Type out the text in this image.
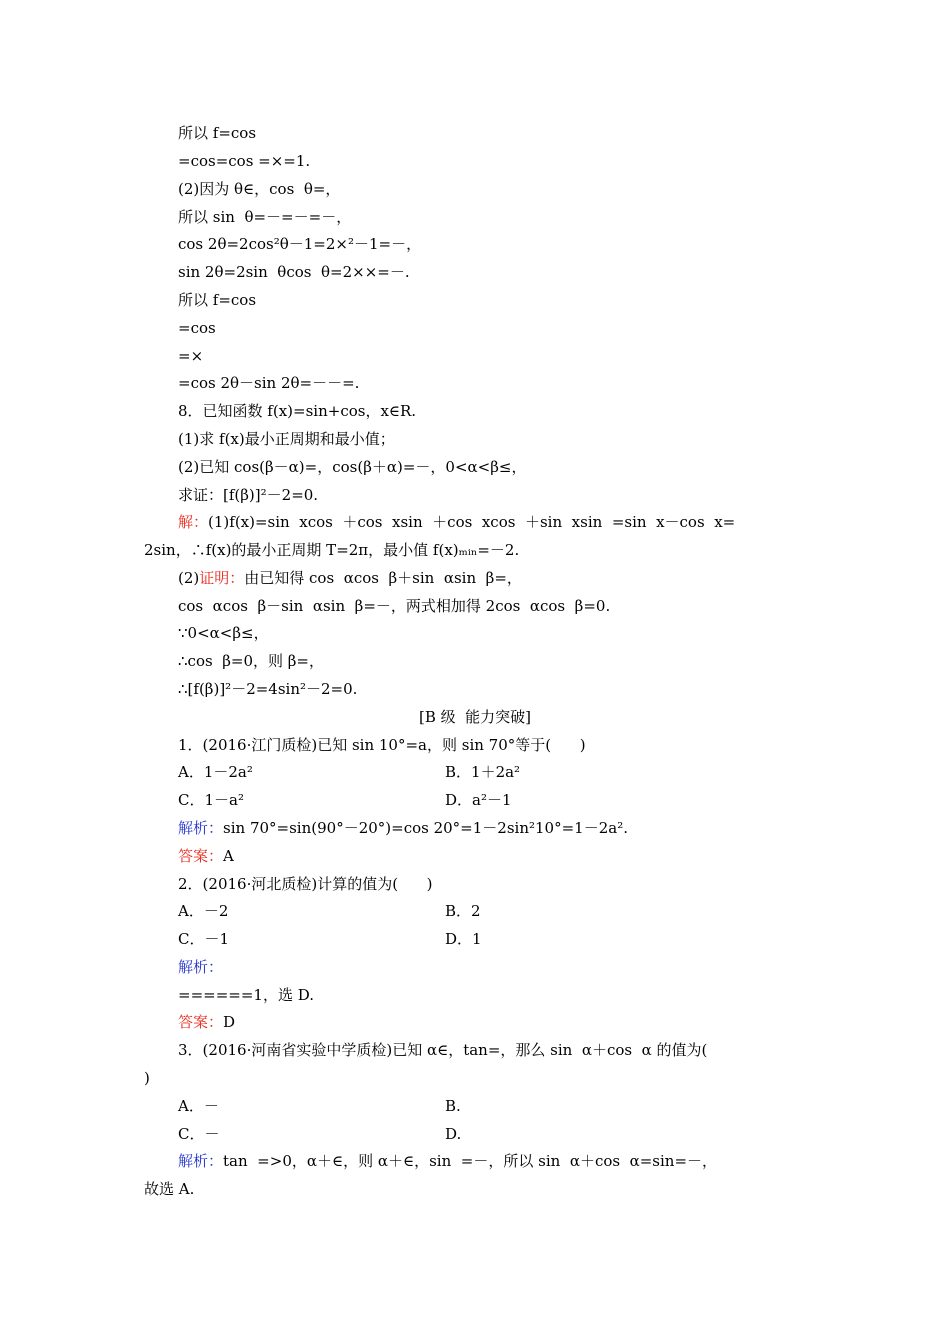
所以 f=cos
=cos=cos =×=1.
(2)因为 θ∈，cos  θ=，
所以 sin  θ=－=－=－，
cos 2θ=2cos²θ－1=2×²－1=－，
sin 2θ=2sin  θcos  θ=2××=－.
所以 f=cos
=cos
=×
=cos 2θ－sin 2θ=－－=.
8．已知函数 f(x)=sin+cos，x∈R.
(1)求 f(x)最小正周期和最小值；
(2)已知 cos(β－α)=，cos(β＋α)=－，0<α<β≤，
求证：[f(β)]²－2=0.
解：(1)f(x)=sin  xcos  ＋cos  xsin  ＋cos  xcos  ＋sin  xsin  =sin  x－cos  x=
2sin，∴f(x)的最小正周期 T=2π，最小值 f(x)ₘᵢₙ=－2.
(2)证明：由已知得 cos  αcos  β＋sin  αsin  β=，
cos  αcos  β－sin  αsin  β=－，两式相加得 2cos  αcos  β=0.
∵0<α<β≤，
∴cos  β=0，则 β=，
∴[f(β)]²－2=4sin²－2=0.
[B 级  能力突破]
1．(2016·江门质检)已知 sin 10°=a，则 sin 70°等于(      )
A．1－2a²	B．1＋2a²
C．1－a²	D．a²－1
解析：sin 70°=sin(90°－20°)=cos 20°=1－2sin²10°=1－2a².
答案：A
2．(2016·河北质检)计算的值为(      )
A．－2	B．2
C．－1	D．1
解析：
======1，选 D.
答案：D
3．(2016·河南省实验中学质检)已知 α∈，tan=，那么 sin  α＋cos  α 的值为(
)
A．－	B.
C．－	D.
解析：tan  =>0，α＋∈，则 α＋∈，sin  =－，所以 sin  α＋cos  α=sin=－，
故选 A.
